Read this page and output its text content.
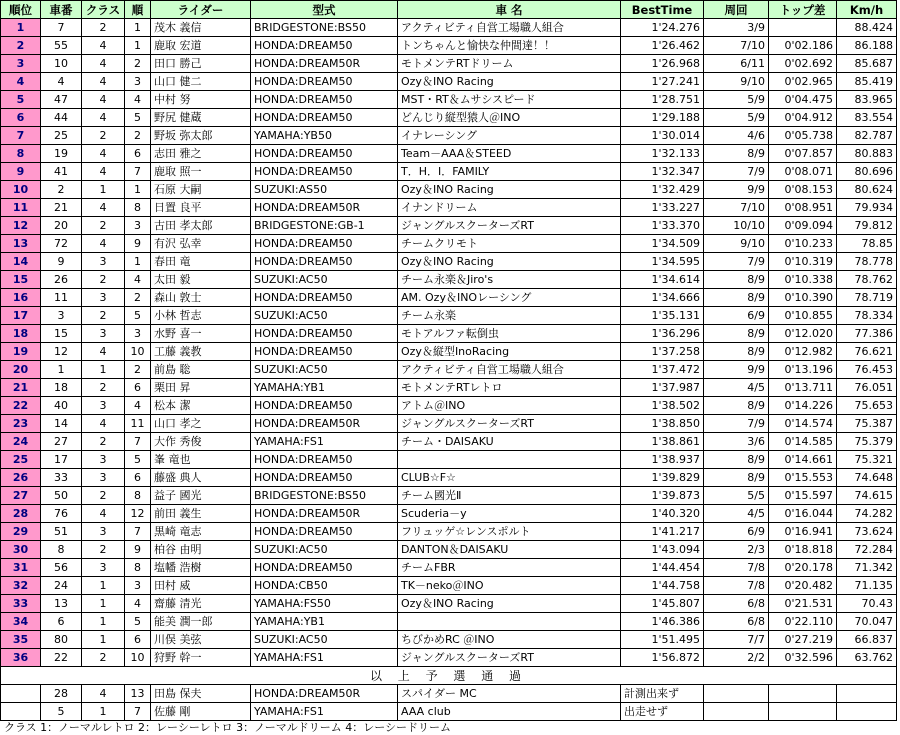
順位	車番	クラス	順	ライダー	型式	車 名	BestTime	周回	トップ差	Km/h
1	7	2	1	茂木 義信	BRIDGESTONE:BS50	アクティビティ自営工場職人組合	1'24.276	3/9		88.424
2	55	4	1	鹿取 宏道	HONDA:DREAM50	トンちゃんと愉快な仲間達！！	1'26.462	7/10	0'02.186	86.188
3	10	4	2	田口 勝己	HONDA:DREAM50R	モトメンテRTドリーム	1'26.968	6/11	0'02.692	85.687
4	4	4	3	山口 健二	HONDA:DREAM50	Ozy＆INO Racing	1'27.241	9/10	0'02.965	85.419
5	47	4	4	中村 努	HONDA:DREAM50	MST・RT＆ムサシスピード	1'28.751	5/9	0'04.475	83.965
6	44	4	5	野尻 健蔵	HONDA:DREAM50	どんじり縦型猿人＠INO	1'29.188	5/9	0'04.912	83.554
7	25	2	2	野坂 弥太郎	YAMAHA:YB50	イナレーシング	1'30.014	4/6	0'05.738	82.787
8	19	4	6	志田 雅之	HONDA:DREAM50	Team－AAA＆STEED	1'32.133	8/9	0'07.857	80.883
9	41	4	7	鹿取 照一	HONDA:DREAM50	T．H．I．FAMILY	1'32.347	7/9	0'08.071	80.696
10	2	1	1	石原 大嗣	SUZUKI:AS50	Ozy＆INO Racing	1'32.429	9/9	0'08.153	80.624
11	21	4	8	日置 良平	HONDA:DREAM50R	イナンドリーム	1'33.227	7/10	0'08.951	79.934
12	20	2	3	古田 孝太郎	BRIDGESTONE:GB-1	ジャングルスクーターズRT	1'33.370	10/10	0'09.094	79.812
13	72	4	9	有沢 弘幸	HONDA:DREAM50	チームクリモト	1'34.509	9/10	0'10.233	78.85
14	9	3	1	春田 竜	HONDA:DREAM50	Ozy＆INO Racing	1'34.595	7/9	0'10.319	78.778
15	26	2	4	太田 毅	SUZUKI:AC50	チーム永楽＆Jiro's	1'34.614	8/9	0'10.338	78.762
16	11	3	2	森山 敦士	HONDA:DREAM50	AM. Ozy＆INOレーシング	1'34.666	8/9	0'10.390	78.719
17	3	2	5	小林 哲志	SUZUKI:AC50	チーム永楽	1'35.131	6/9	0'10.855	78.334
18	15	3	3	水野 喜一	HONDA:DREAM50	モトアルファ転倒虫	1'36.296	8/9	0'12.020	77.386
19	12	4	10	工藤 義教	HONDA:DREAM50	Ozy＆縦型InoRacing	1'37.258	8/9	0'12.982	76.621
20	1	1	2	前島 聡	SUZUKI:AC50	アクティビティ自営工場職人組合	1'37.472	9/9	0'13.196	76.453
21	18	2	6	栗田 昇	YAMAHA:YB1	モトメンテRTレトロ	1'37.987	4/5	0'13.711	76.051
22	40	3	4	松本 潔	HONDA:DREAM50	アトム＠INO	1'38.502	8/9	0'14.226	75.653
23	14	4	11	山口 孝之	HONDA:DREAM50R	ジャングルスクーターズRT	1'38.850	7/9	0'14.574	75.387
24	27	2	7	大作 秀俊	YAMAHA:FS1	チーム・DAISAKU	1'38.861	3/6	0'14.585	75.379
25	17	3	5	峯 竜也	HONDA:DREAM50		1'38.937	8/9	0'14.661	75.321
26	33	3	6	藤盛 典人	HONDA:DREAM50	CLUB☆F☆	1'39.829	8/9	0'15.553	74.648
27	50	2	8	益子 國光	BRIDGESTONE:BS50	チーム國光Ⅱ	1'39.873	5/5	0'15.597	74.615
28	76	4	12	前田 義生	HONDA:DREAM50R	Scuderia－y	1'40.320	4/5	0'16.044	74.282
29	51	3	7	黒崎 竜志	HONDA:DREAM50	フリュッゲ☆レンスポルト	1'41.217	6/9	0'16.941	73.624
30	8	2	9	柏谷 由明	SUZUKI:AC50	DANTON＆DAISAKU	1'43.094	2/3	0'18.818	72.284
31	56	3	8	塩幡 浩樹	HONDA:DREAM50	チームFBR	1'44.454	7/8	0'20.178	71.342
32	24	1	3	田村 威	HONDA:CB50	TK－neko＠INO	1'44.758	7/8	0'20.482	71.135
33	13	1	4	齋藤 清光	YAMAHA:FS50	Ozy＆INO Racing	1'45.807	6/8	0'21.531	70.43
34	6	1	5	能美 潤一郎	YAMAHA:YB1		1'46.386	6/8	0'22.110	70.047
35	80	1	6	川俣 美弦	SUZUKI:AC50	ちびかめRC ＠INO	1'51.495	7/7	0'27.219	66.837
36	22	2	10	狩野 幹一	YAMAHA:FS1	ジャングルスクーターズRT	1'56.872	2/2	0'32.596	63.762
以 上 予 選 通 過										
	28	4	13	田島 保夫	HONDA:DREAM50R	スパイダー MC	計測出来ず			
	5	1	7	佐藤 剛	YAMAHA:FS1	AAA club	出走せず			
クラス 1：ノーマルレトロ 2：レーシーレトロ 3：ノーマルドリーム 4：レーシードリーム
